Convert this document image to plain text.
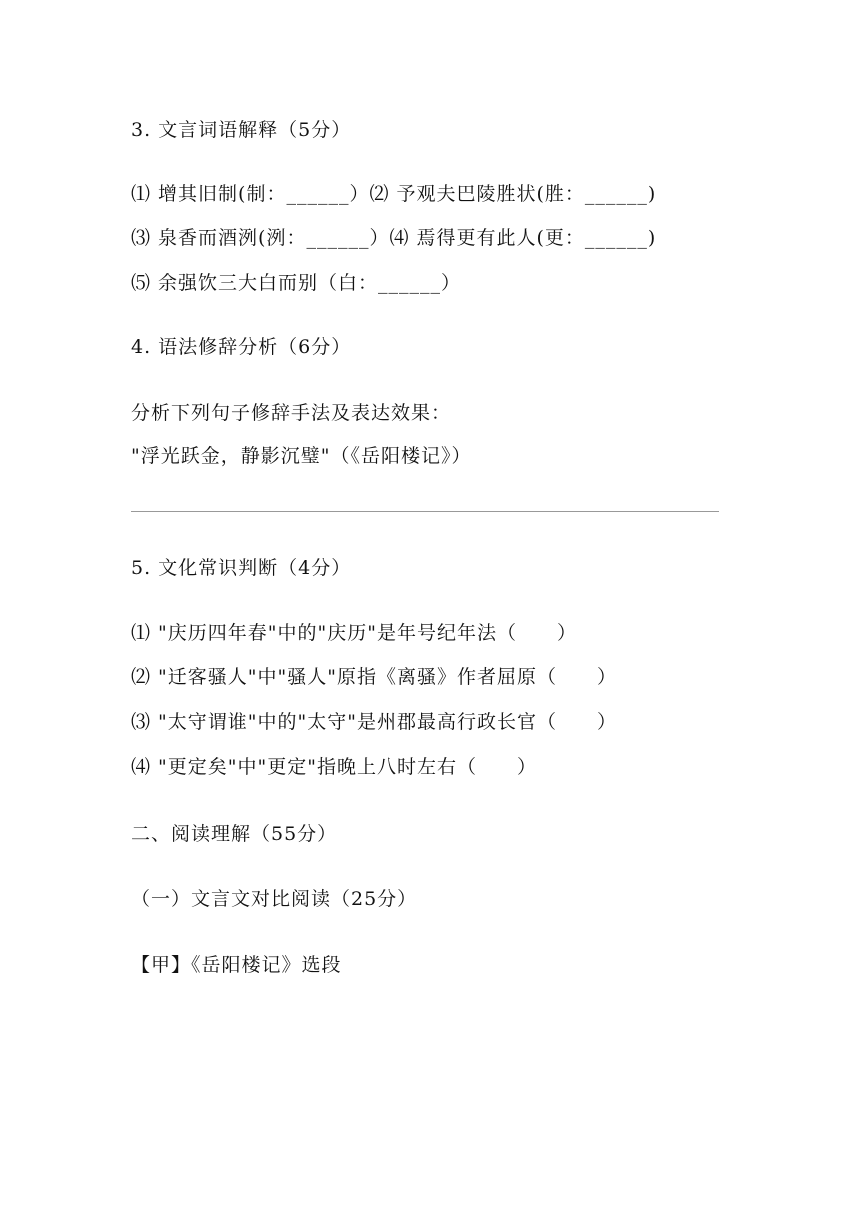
3. 文言词语解释（5分）
⑴ 增其旧制(制：______）⑵ 予观夫巴陵胜状(胜：______)
⑶ 泉香而酒洌(洌：______）⑷ 焉得更有此人(更：______)
⑸ 余强饮三大白而别（白：______）
4. 语法修辞分析（6分）
分析下列句子修辞手法及表达效果：
"浮光跃金，静影沉璧"（《岳阳楼记》）
5. 文化常识判断（4分）
⑴ "庆历四年春"中的"庆历"是年号纪年法（　　）
⑵ "迁客骚人"中"骚人"原指《离骚》作者屈原（　　）
⑶ "太守谓谁"中的"太守"是州郡最高行政长官（　　）
⑷ "更定矣"中"更定"指晚上八时左右（　　）
二、阅读理解（55分）
（一）文言文对比阅读（25分）
【甲】《岳阳楼记》选段
